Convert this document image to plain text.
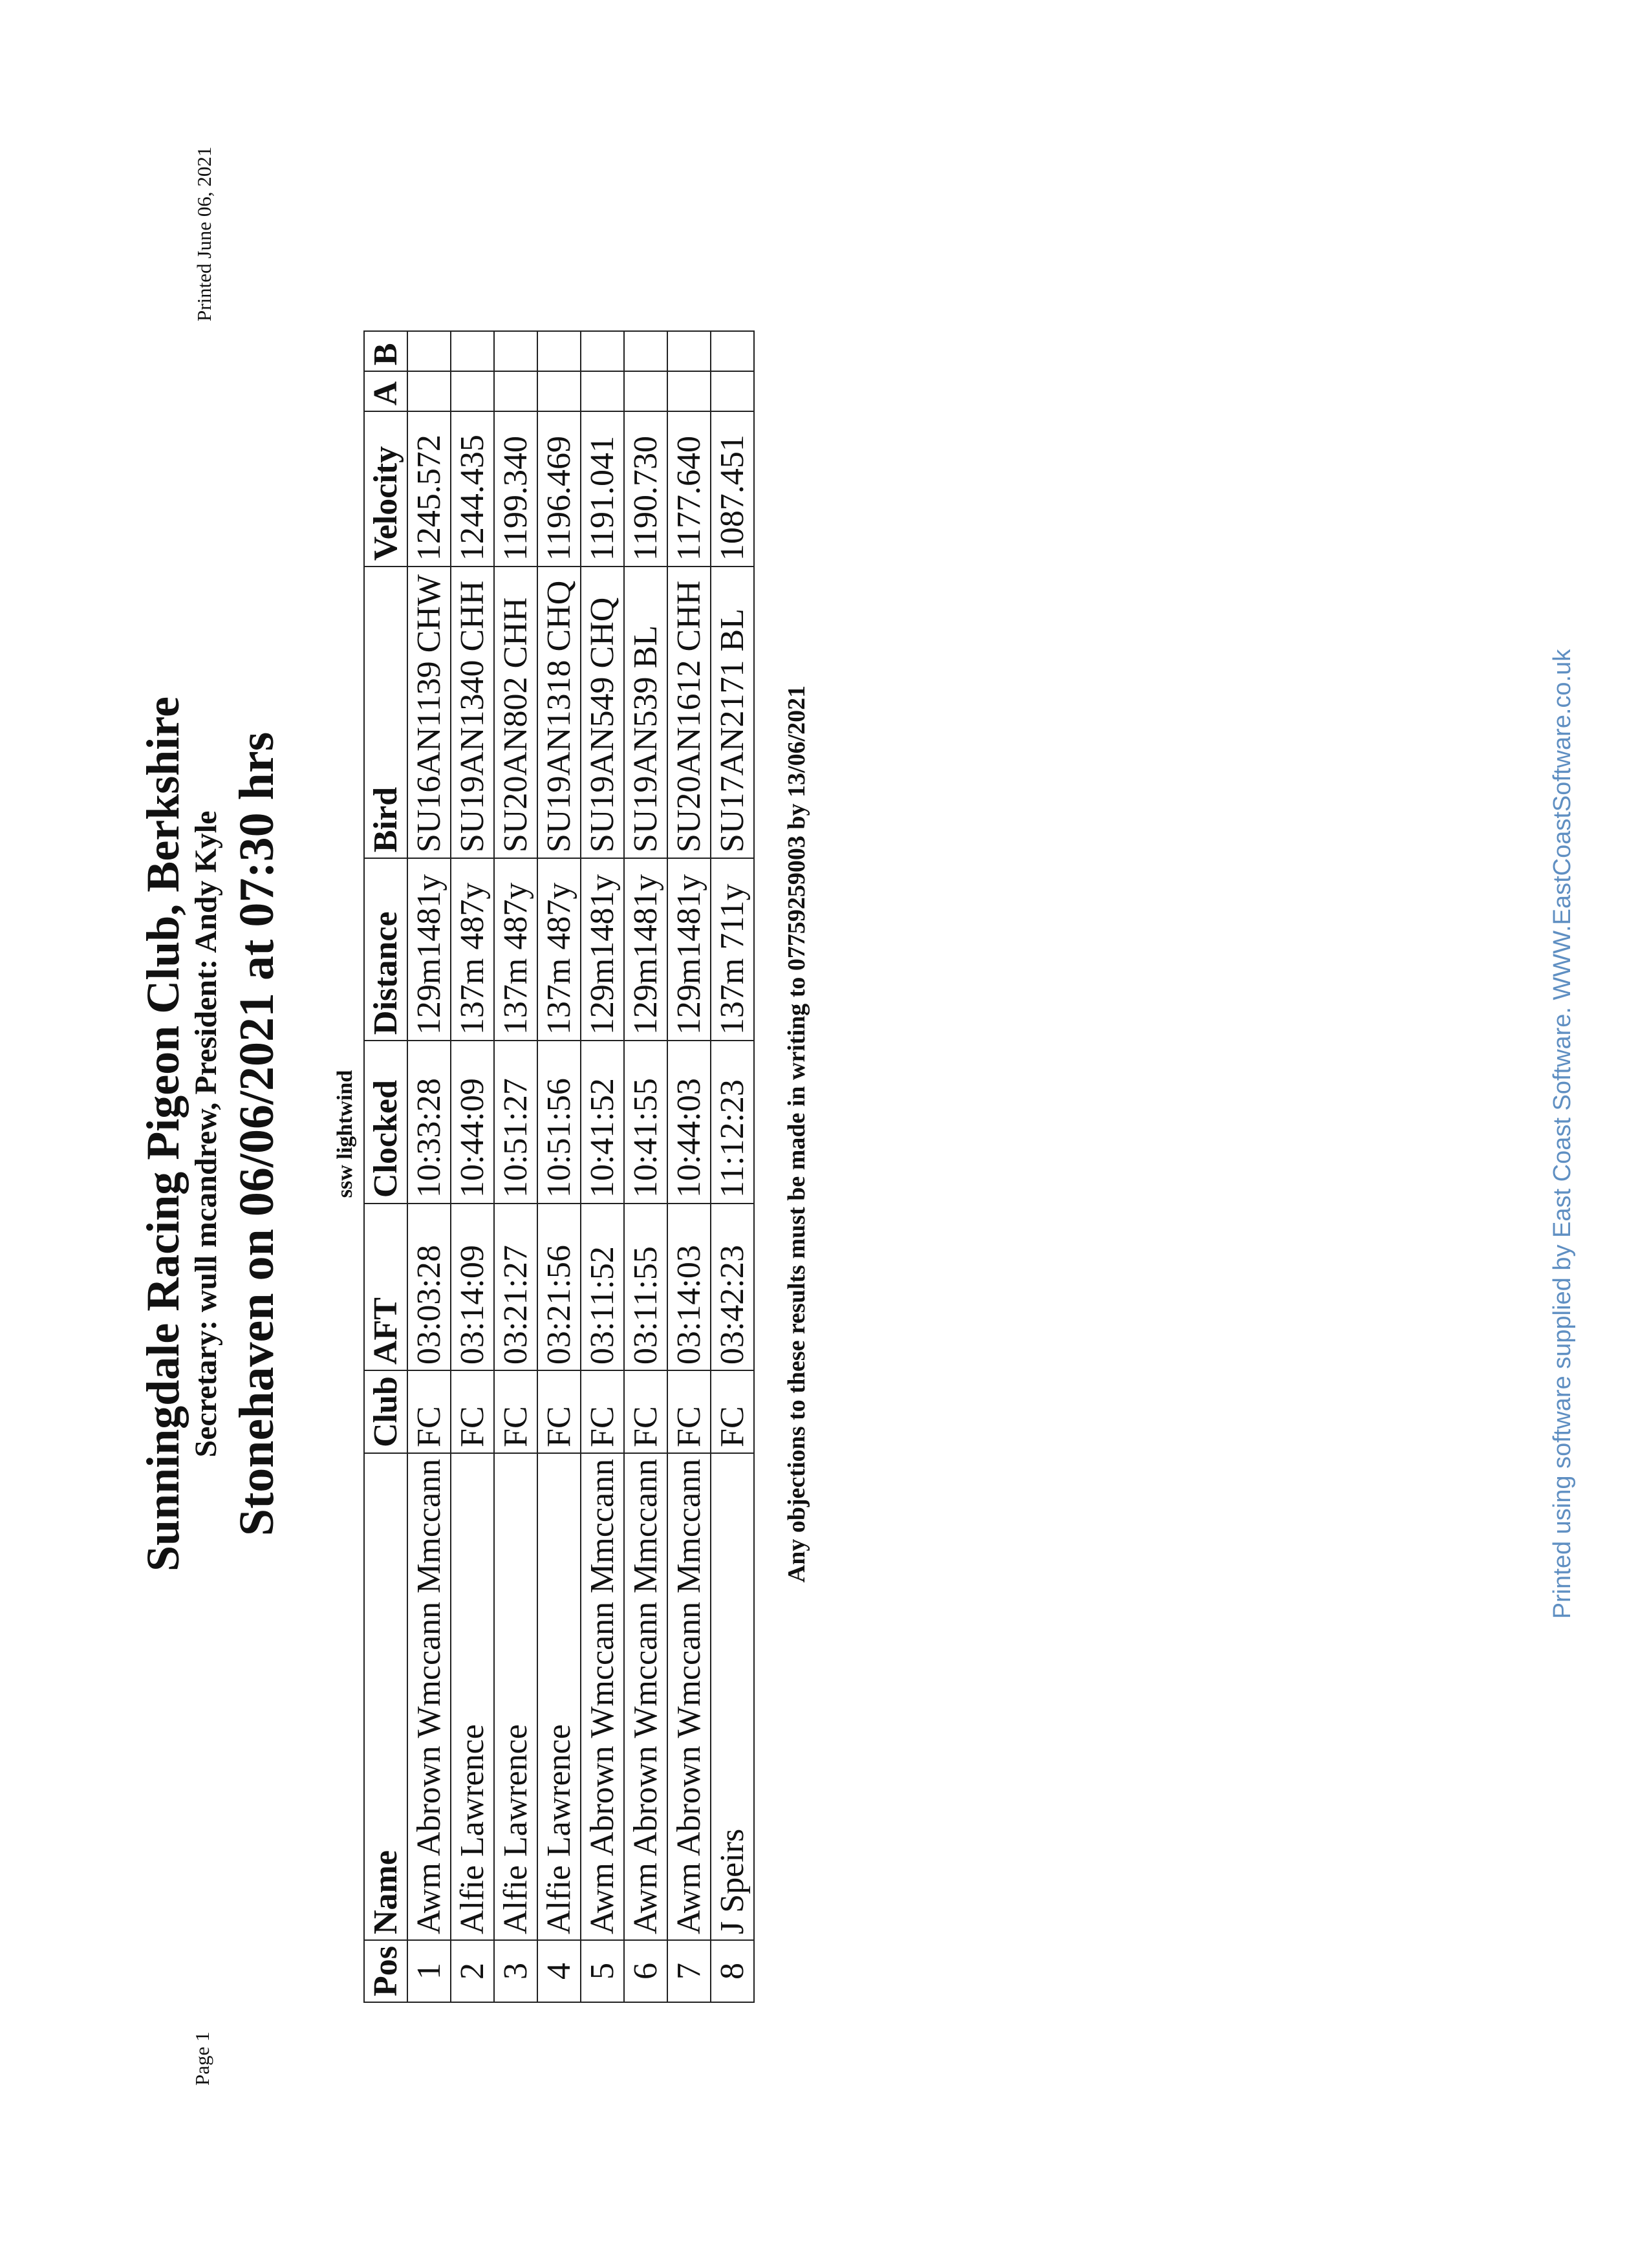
Printed June 06, 2021
Page 1
Sunningdale Racing Pigeon Club, Berkshire Secretary: wull mcandrew, President: Andy Kyle Stonehaven on 06/06/2021 at 07:30 hrs ssw lightwind
Pos	Name	Club	AFT	Clocked	Distance	Bird	Velocity	A	B
1	Awm Abrown Wmccann Mmccann	FC	03:03:28	10:33:28	129m1481y	SU16AN1139 CHW	1245.572		
2	Alfie Lawrence	FC	03:14:09	10:44:09	137m 487y	SU19AN1340 CHH	1244.435		
3	Alfie Lawrence	FC	03:21:27	10:51:27	137m 487y	SU20AN802 CHH	1199.340		
4	Alfie Lawrence	FC	03:21:56	10:51:56	137m 487y	SU19AN1318 CHQ	1196.469		
5	Awm Abrown Wmccann Mmccann	FC	03:11:52	10:41:52	129m1481y	SU19AN549 CHQ	1191.041		
6	Awm Abrown Wmccann Mmccann	FC	03:11:55	10:41:55	129m1481y	SU19AN539 BL	1190.730		
7	Awm Abrown Wmccann Mmccann	FC	03:14:03	10:44:03	129m1481y	SU20AN1612 CHH	1177.640		
8	J Speirs	FC	03:42:23	11:12:23	137m 711y	SU17AN2171 BL	1087.451		
Any objections to these results must be made in writing to 07759259003 by 13/06/2021	Printed using software supplied by East Coast Software. WWW.EastCoastSoftware.co.uk
